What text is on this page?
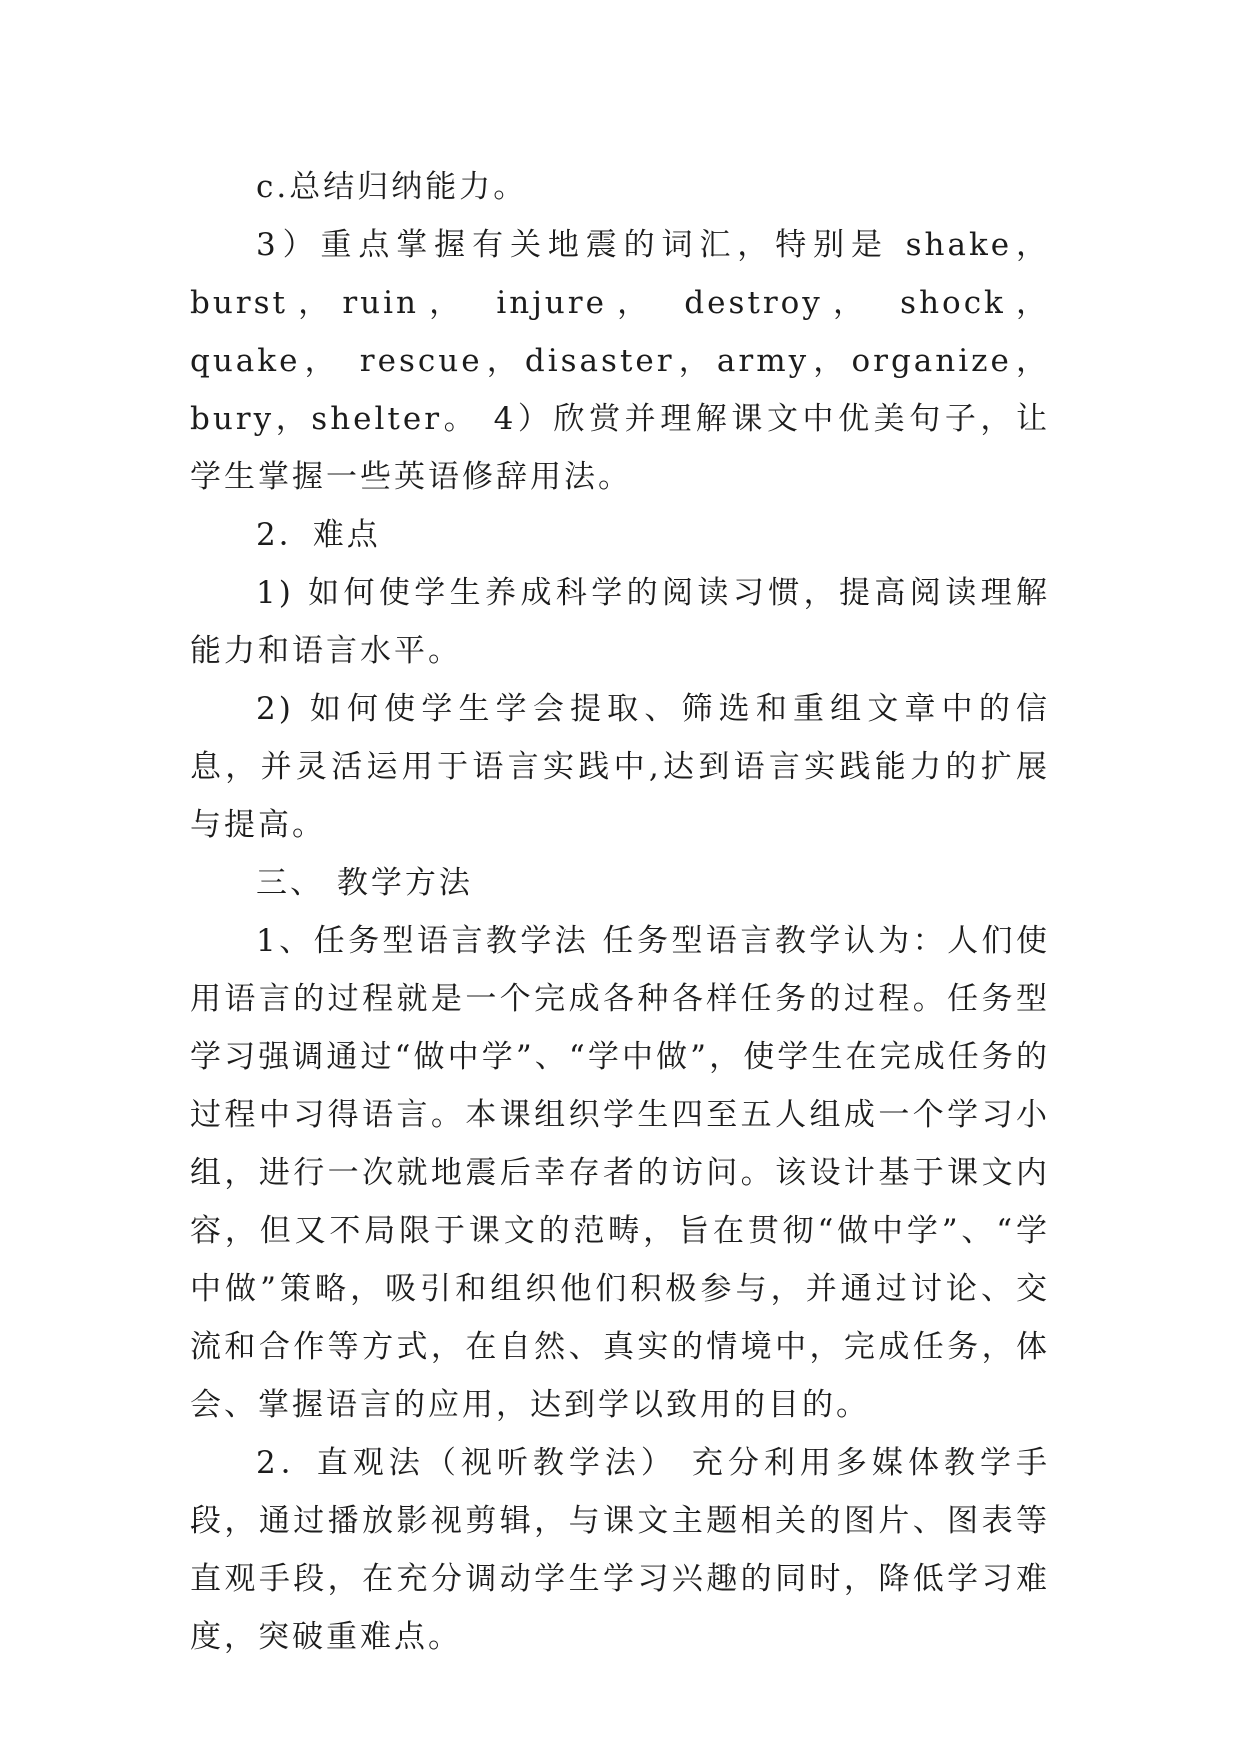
c.总结归纳能力。

3）重点掌握有关地震的词汇，特别是 shake，burst，ruin， injure， destroy， shock， quake， rescue，disaster，army，organize，bury，shelter。 4）欣赏并理解课文中优美句子，让学生掌握一些英语修辞用法。

2．难点

1) 如何使学生养成科学的阅读习惯，提高阅读理解能力和语言水平。

2) 如何使学生学会提取、筛选和重组文章中的信息，并灵活运用于语言实践中,达到语言实践能力的扩展与提高。

三、 教学方法

1、任务型语言教学法 任务型语言教学认为：人们使用语言的过程就是一个完成各种各样任务的过程。任务型学习强调通过“做中学”、“学中做”，使学生在完成任务的过程中习得语言。本课组织学生四至五人组成一个学习小组，进行一次就地震后幸存者的访问。该设计基于课文内容，但又不局限于课文的范畴，旨在贯彻“做中学”、“学中做”策略，吸引和组织他们积极参与，并通过讨论、交流和合作等方式，在自然、真实的情境中，完成任务，体会、掌握语言的应用，达到学以致用的目的。

2．直观法（视听教学法） 充分利用多媒体教学手段，通过播放影视剪辑，与课文主题相关的图片、图表等直观手段，在充分调动学生学习兴趣的同时，降低学习难度，突破重难点。
